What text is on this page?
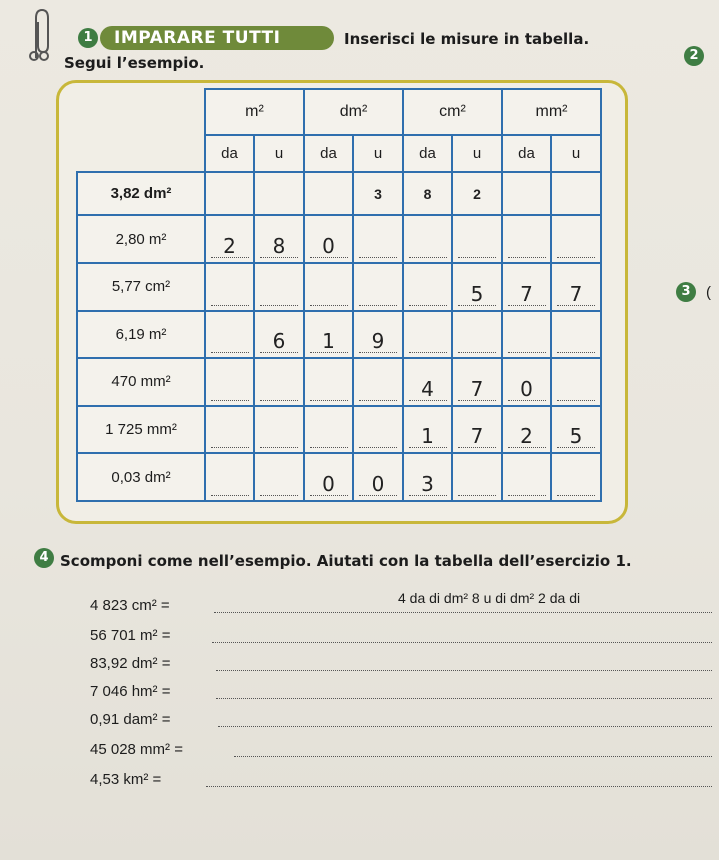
1	IMPARARE TUTTI	Inserisci le misure in tabella.
Segui l’esempio.	2
3	(
	m²		dm²		cm²		mm²	
	da	u	da	u	da	u	da	u
3,82 dm²				3	8	2		
2,80 m²	2	8	0					
5,77 cm²						5	7	7
6,19 m²		6	1	9				
470 mm²					4	7	0	
1 725 mm²					1	7	2	5
0,03 dm²			0	0	3			
4 Scomponi come nell’esempio. Aiutati con la tabella dell’esercizio 1.
4 823 cm² =
56 701 m² =
83,92 dm² =
7 046 hm² =
0,91 dam² =
45 028 mm² =
4,53 km² =
4 da di dm² 8 u di dm² 2 da di
